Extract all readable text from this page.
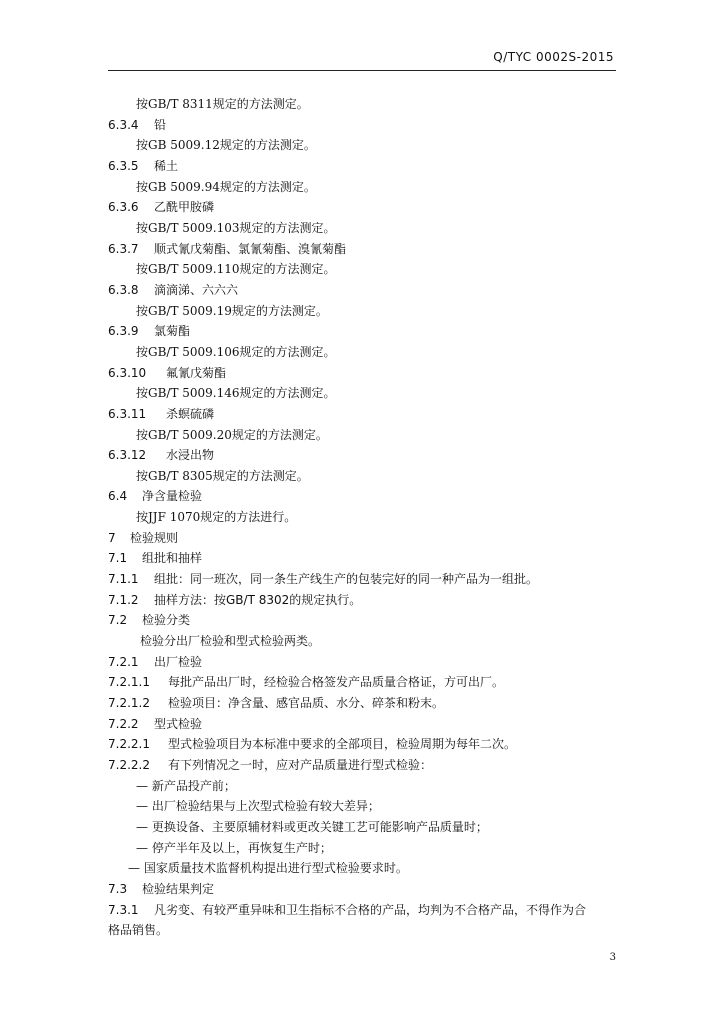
Q/TYC 0002S-2015
按GB/T 8311规定的方法测定。
6.3.4 铅
按GB 5009.12规定的方法测定。
6.3.5 稀土
按GB 5009.94规定的方法测定。
6.3.6 乙酰甲胺磷
按GB/T 5009.103规定的方法测定。
6.3.7 顺式氰戊菊酯、氯氰菊酯、溴氰菊酯
按GB/T 5009.110规定的方法测定。
6.3.8 滴滴涕、六六六
按GB/T 5009.19规定的方法测定。
6.3.9 氯菊酯
按GB/T 5009.106规定的方法测定。
6.3.10 氟氰戊菊酯
按GB/T 5009.146规定的方法测定。
6.3.11 杀螟硫磷
按GB/T 5009.20规定的方法测定。
6.3.12 水浸出物
按GB/T 8305规定的方法测定。
6.4 净含量检验
按JJF 1070规定的方法进行。
7 检验规则
7.1 组批和抽样
7.1.1 组批：同一班次，同一条生产线生产的包装完好的同一种产品为一组批。
7.1.2 抽样方法：按GB/T 8302的规定执行。
7.2 检验分类
检验分出厂检验和型式检验两类。
7.2.1 出厂检验
7.2.1.1 每批产品出厂时，经检验合格签发产品质量合格证，方可出厂。
7.2.1.2 检验项目：净含量、感官品质、水分、碎茶和粉末。
7.2.2 型式检验
7.2.2.1 型式检验项目为本标准中要求的全部项目，检验周期为每年二次。
7.2.2.2 有下列情况之一时，应对产品质量进行型式检验：
— 新产品投产前；
— 出厂检验结果与上次型式检验有较大差异；
— 更换设备、主要原辅材料或更改关键工艺可能影响产品质量时；
— 停产半年及以上，再恢复生产时；
— 国家质量技术监督机构提出进行型式检验要求时。
7.3 检验结果判定
7.3.1 凡劣变、有较严重异味和卫生指标不合格的产品，均判为不合格产品，不得作为合
格品销售。
3
